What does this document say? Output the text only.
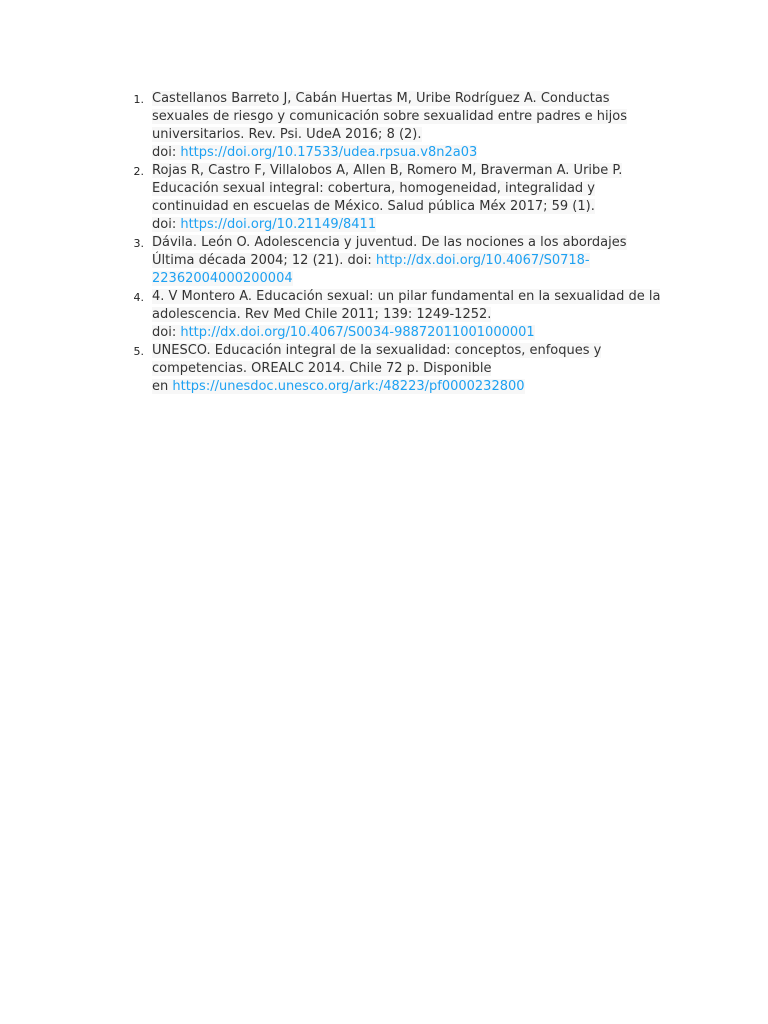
1. Castellanos Barreto J, Cabán Huertas M, Uribe Rodríguez A. Conductas sexuales de riesgo y comunicación sobre sexualidad entre padres e hijos universitarios. Rev. Psi. UdeA 2016; 8 (2).
doi: https://doi.org/10.17533/udea.rpsua.v8n2a03
2. Rojas R, Castro F, Villalobos A, Allen B, Romero M, Braverman A. Uribe P. Educación sexual integral: cobertura, homogeneidad, integralidad y continuidad en escuelas de México. Salud pública Méx 2017; 59 (1).
doi: https://doi.org/10.21149/8411
3. Dávila. León O. Adolescencia y juventud. De las nociones a los abordajes Última década 2004; 12 (21). doi: http://dx.doi.org/10.4067/S0718-22362004000200004
4. 4. V Montero A. Educación sexual: un pilar fundamental en la sexualidad de la adolescencia. Rev Med Chile 2011; 139: 1249-1252.
doi: http://dx.doi.org/10.4067/S0034-98872011001000001
5. UNESCO. Educación integral de la sexualidad: conceptos, enfoques y competencias. OREALC 2014. Chile 72 p. Disponible
en https://unesdoc.unesco.org/ark:/48223/pf0000232800
